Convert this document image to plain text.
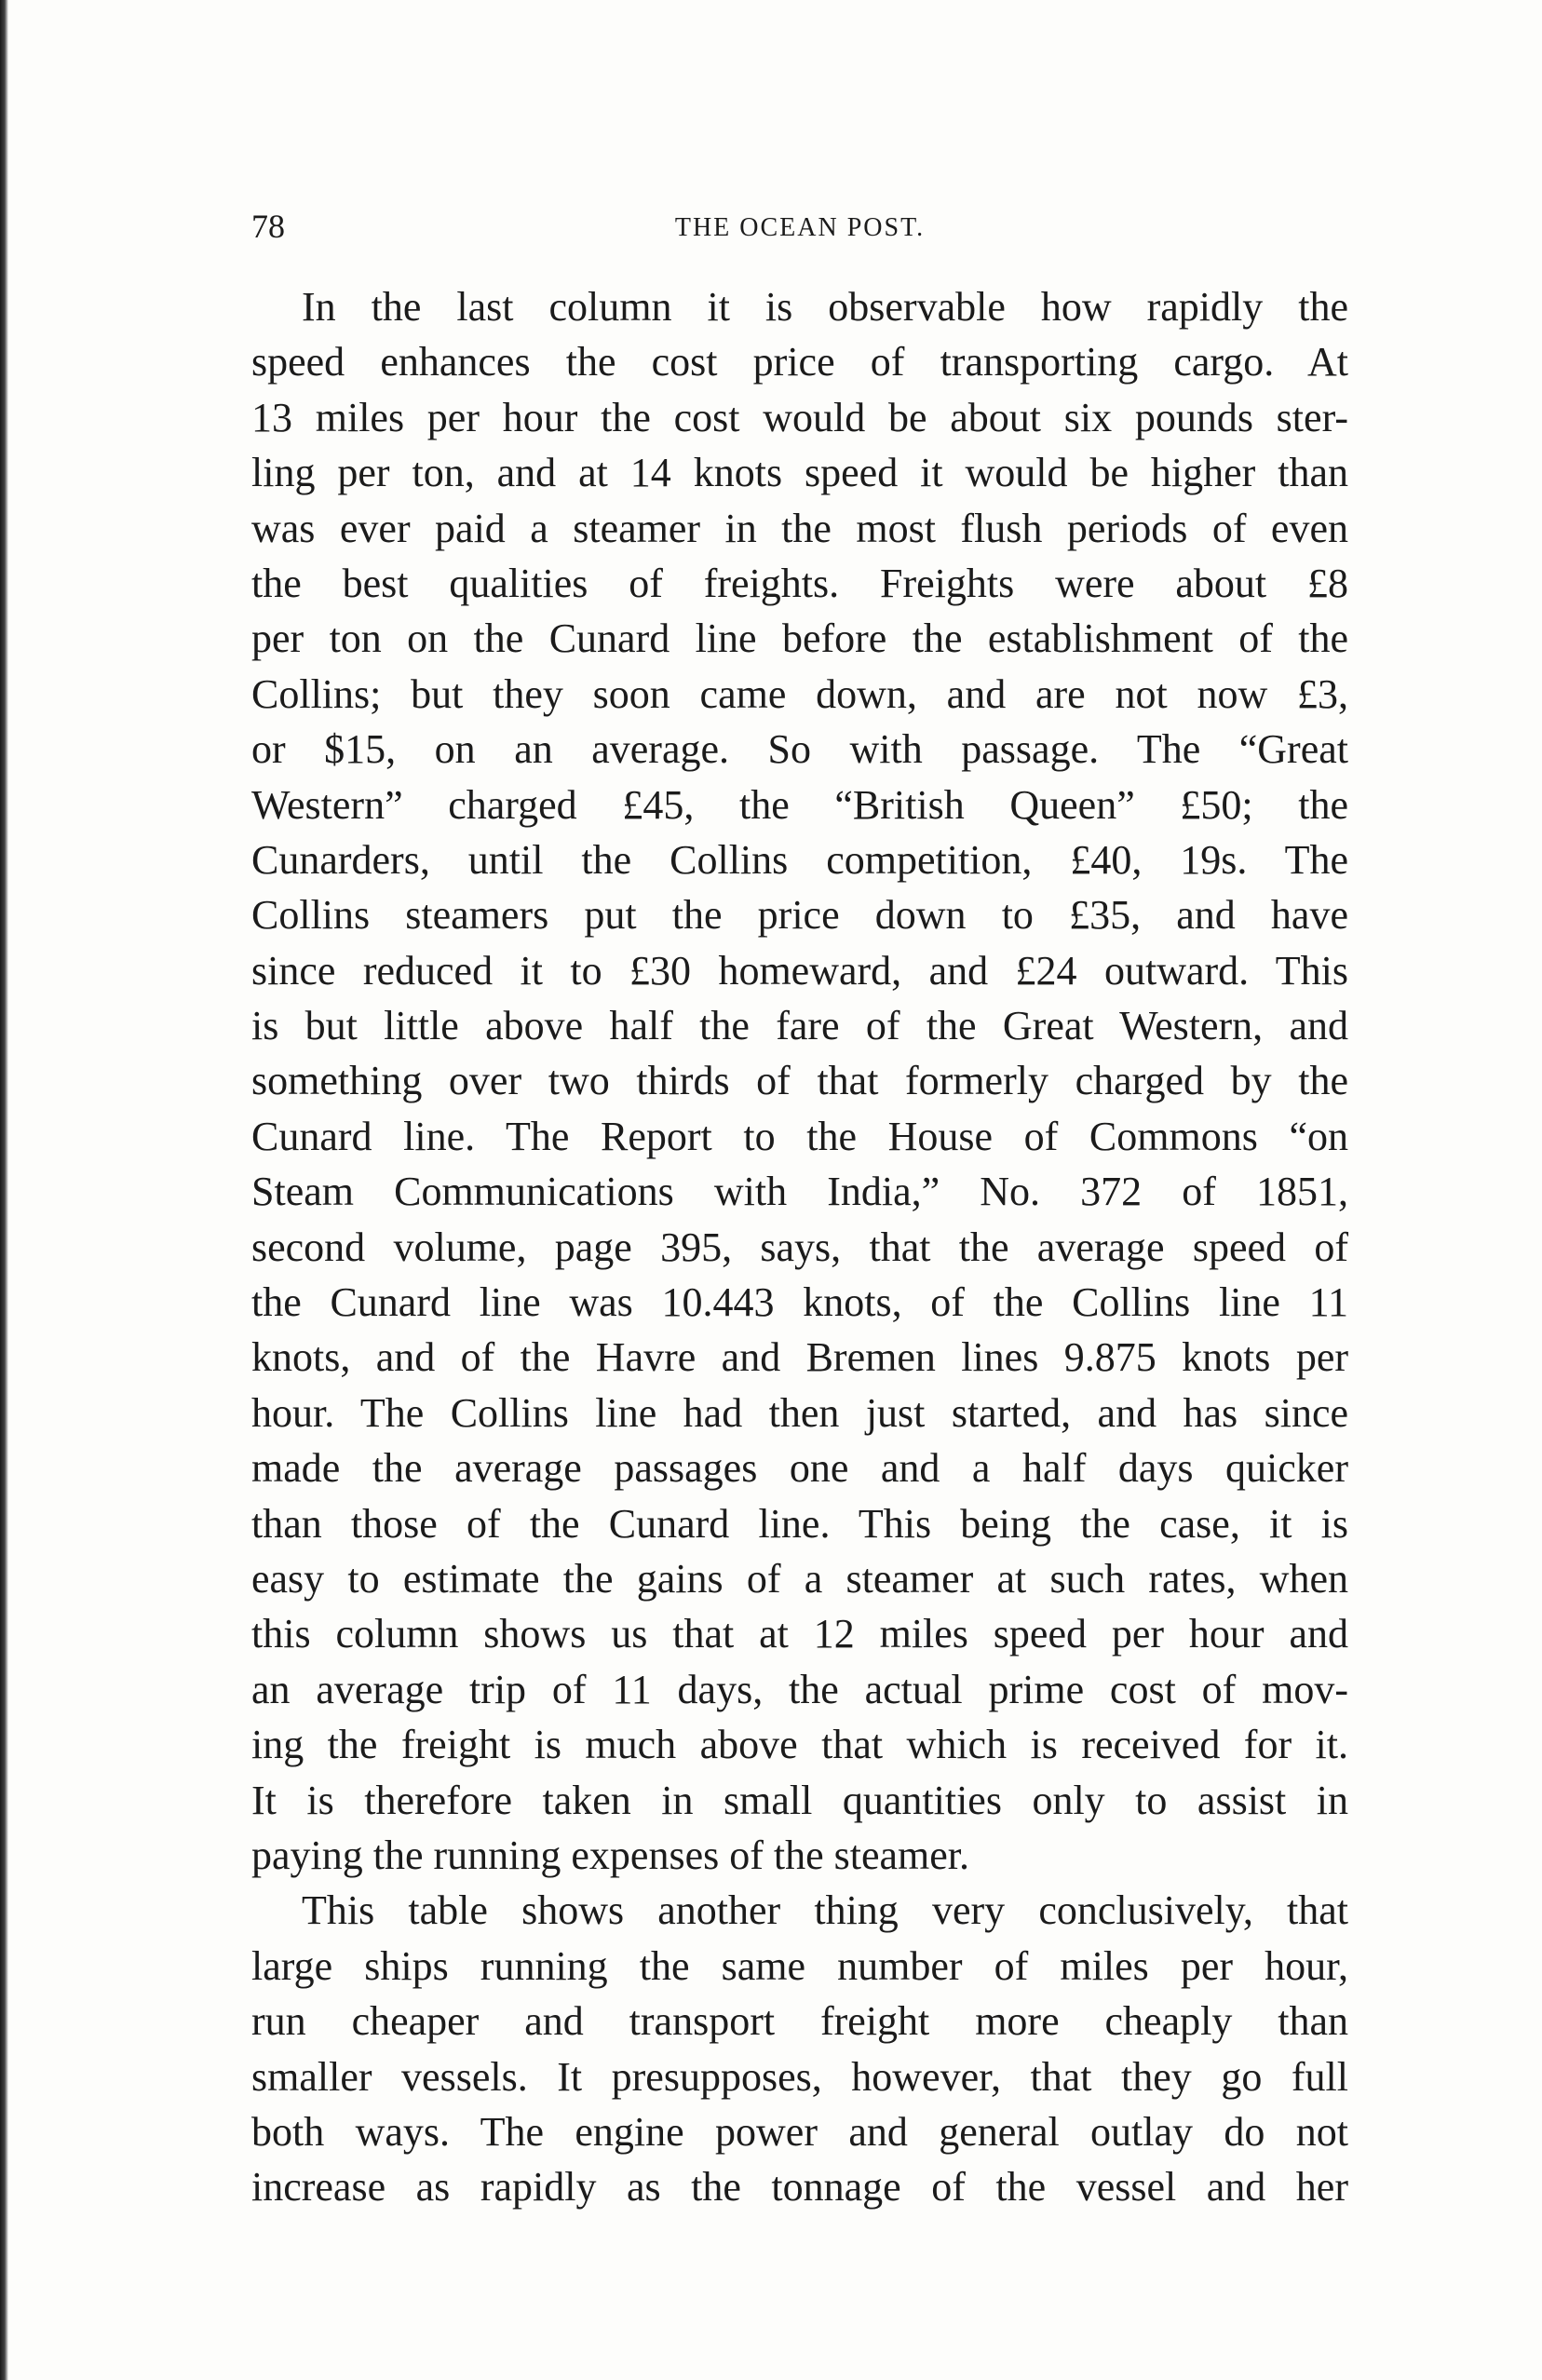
78	THE OCEAN POST.
In the last column it is observable how rapidly the
speed enhances the cost price of transporting cargo. At
13 miles per hour the cost would be about six pounds ster-
ling per ton, and at 14 knots speed it would be higher than
was ever paid a steamer in the most flush periods of even
the best qualities of freights. Freights were about £8
per ton on the Cunard line before the establishment of the
Collins; but they soon came down, and are not now £3,
or $15, on an average. So with passage. The “Great
Western” charged £45, the “British Queen” £50; the
Cunarders, until the Collins competition, £40, 19s. The
Collins steamers put the price down to £35, and have
since reduced it to £30 homeward, and £24 outward. This
is but little above half the fare of the Great Western, and
something over two thirds of that formerly charged by the
Cunard line. The Report to the House of Commons “on
Steam Communications with India,” No. 372 of 1851,
second volume, page 395, says, that the average speed of
the Cunard line was 10.443 knots, of the Collins line 11
knots, and of the Havre and Bremen lines 9.875 knots per
hour. The Collins line had then just started, and has since
made the average passages one and a half days quicker
than those of the Cunard line. This being the case, it is
easy to estimate the gains of a steamer at such rates, when
this column shows us that at 12 miles speed per hour and
an average trip of 11 days, the actual prime cost of mov-
ing the freight is much above that which is received for it.
It is therefore taken in small quantities only to assist in
paying the running expenses of the steamer.
This table shows another thing very conclusively, that
large ships running the same number of miles per hour,
run cheaper and transport freight more cheaply than
smaller vessels. It presupposes, however, that they go full
both ways. The engine power and general outlay do not
increase as rapidly as the tonnage of the vessel and her
